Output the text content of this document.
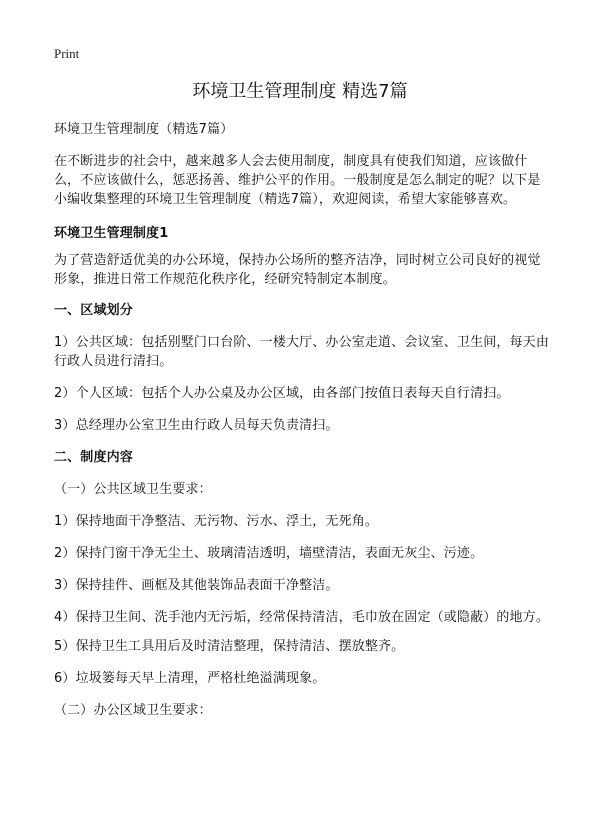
Print
环境卫生管理制度 精选7篇

环境卫生管理制度（精选7篇）

在不断进步的社会中，越来越多人会去使用制度，制度具有使我们知道，应该做什么，不应该做什么，惩恶扬善、维护公平的作用。一般制度是怎么制定的呢？以下是小编收集整理的环境卫生管理制度（精选7篇），欢迎阅读，希望大家能够喜欢。

环境卫生管理制度1

为了营造舒适优美的办公环境，保持办公场所的整齐洁净，同时树立公司良好的视觉形象，推进日常工作规范化秩序化，经研究特制定本制度。

一、区域划分

1）公共区域：包括别墅门口台阶、一楼大厅、办公室走道、会议室、卫生间，每天由行政人员进行清扫。

2）个人区域：包括个人办公桌及办公区域，由各部门按值日表每天自行清扫。

3）总经理办公室卫生由行政人员每天负责清扫。

二、制度内容

（一）公共区域卫生要求：

1）保持地面干净整洁、无污物、污水、浮土，无死角。

2）保持门窗干净无尘土、玻璃清洁透明，墙壁清洁，表面无灰尘、污迹。

3）保持挂件、画框及其他装饰品表面干净整洁。

4）保持卫生间、洗手池内无污垢，经常保持清洁，毛巾放在固定（或隐蔽）的地方。

5）保持卫生工具用后及时清洁整理，保持清洁、摆放整齐。

6）垃圾篓每天早上清理，严格杜绝溢满现象。

（二）办公区域卫生要求：
